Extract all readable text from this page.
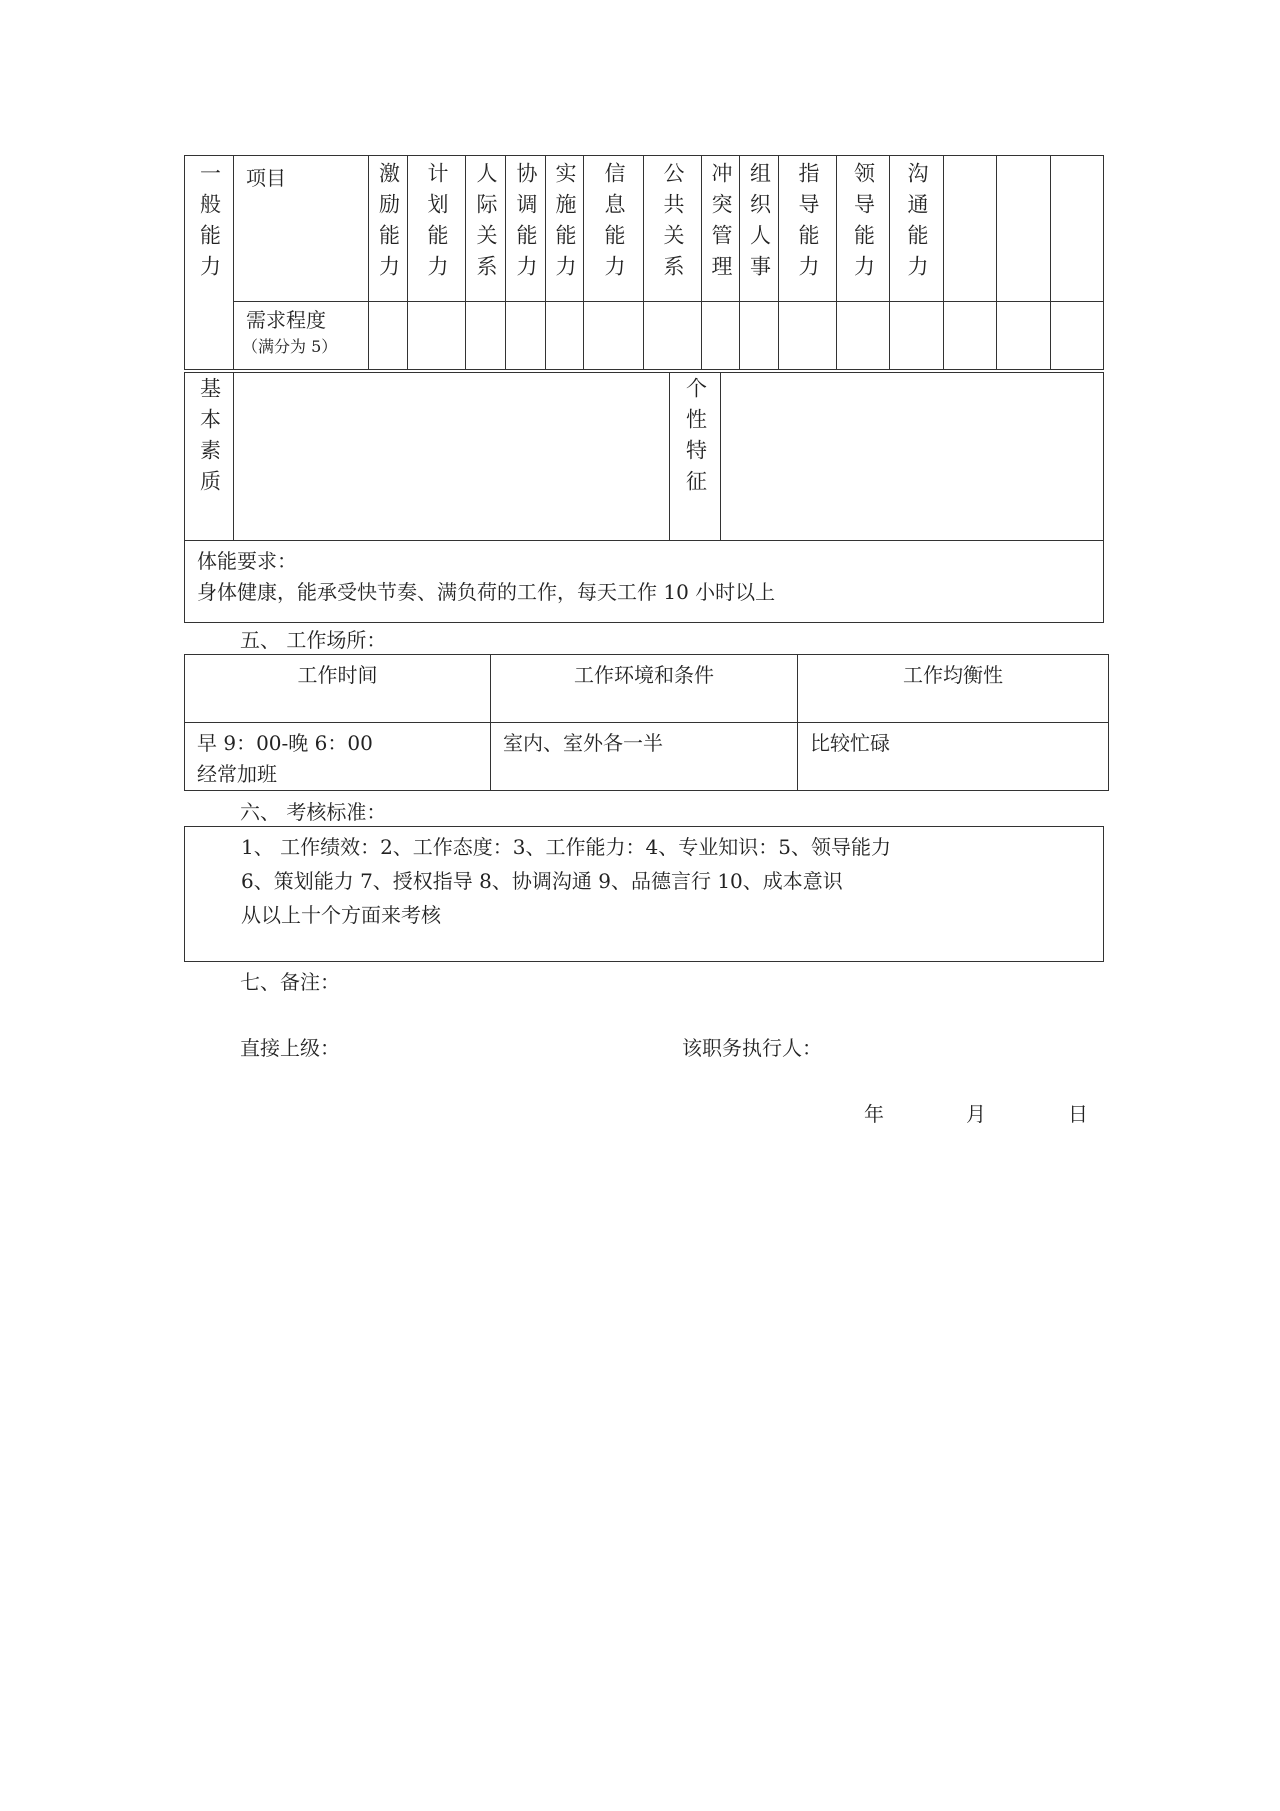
一般能力	项目	激励能力	计划能力	人际关系	协调能力	实施能力	信息能力	公共关系	冲突管理	组织人事	指导能力	领导能力	沟通能力			

	需求程度
（满分为 5）															

基本素质		个性特征	

体能要求：
身体健康，能承受快节奏、满负荷的工作，每天工作 10 小时以上
五、 工作场所：
工作时间	工作环境和条件	工作均衡性

早 9：00-晚 6：00
经常加班	室内、室外各一半	比较忙碌
六、 考核标准：
1、 工作绩效：2、工作态度：3、工作能力：4、专业知识：5、领导能力
6、策划能力 7、授权指导 8、协调沟通 9、品德言行 10、成本意识
从以上十个方面来考核
七、备注：
直接上级：	该职务执行人：
年	月	日
